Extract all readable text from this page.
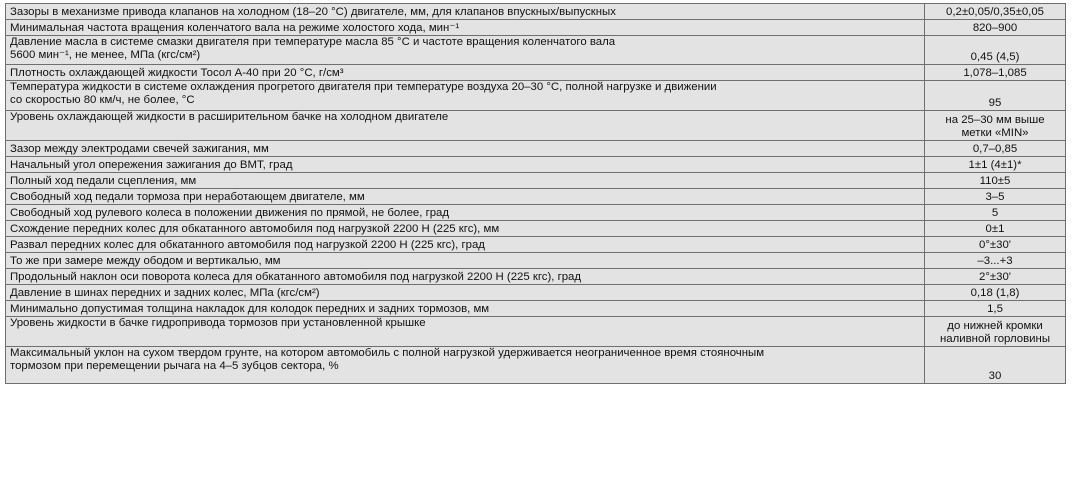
Зазоры в механизме привода клапанов на холодном (18–20 °C) двигателе, мм, для клапанов впускных/выпускных	0,2±0,05/0,35±0,05

Минимальная частота вращения коленчатого вала на режиме холостого хода, мин⁻¹	820–900

Давление масла в системе смазки двигателя при температуре масла 85 °C и частоте вращения коленчатого вала
5600 мин⁻¹, не менее, МПа (кгс/см²)	0,45 (4,5)

Плотность охлаждающей жидкости Тосол А-40 при 20 °C, г/см³	1,078–1,085

Температура жидкости в системе охлаждения прогретого двигателя при температуре воздуха 20–30 °C, полной нагрузке и движении
со скоростью 80 км/ч, не более, °C	95

Уровень охлаждающей жидкости в расширительном бачке на холодном двигателе	на 25–30 мм выше
метки «MIN»

Зазор между электродами свечей зажигания, мм	0,7–0,85

Начальный угол опережения зажигания до ВМТ, град	1±1 (4±1)*

Полный ход педали сцепления, мм	110±5

Свободный ход педали тормоза при неработающем двигателе, мм	3–5

Свободный ход рулевого колеса в положении движения по прямой, не более, град	5

Схождение передних колес для обкатанного автомобиля под нагрузкой 2200 Н (225 кгс), мм	0±1

Развал передних колес для обкатанного автомобиля под нагрузкой 2200 Н (225 кгс), град	0°±30'

То же при замере между ободом и вертикалью, мм	–3...+3

Продольный наклон оси поворота колеса для обкатанного автомобиля под нагрузкой 2200 Н (225 кгс), град	2°±30'

Давление в шинах передних и задних колес, МПа (кгс/см²)	0,18 (1,8)

Минимально допустимая толщина накладок для колодок передних и задних тормозов, мм	1,5

Уровень жидкости в бачке гидропривода тормозов при установленной крышке	до нижней кромки
наливной горловины

Максимальный уклон на сухом твердом грунте, на котором автомобиль с полной нагрузкой удерживается неограниченное время стояночным
тормозом при перемещении рычага на 4–5 зубцов сектора, %	30
